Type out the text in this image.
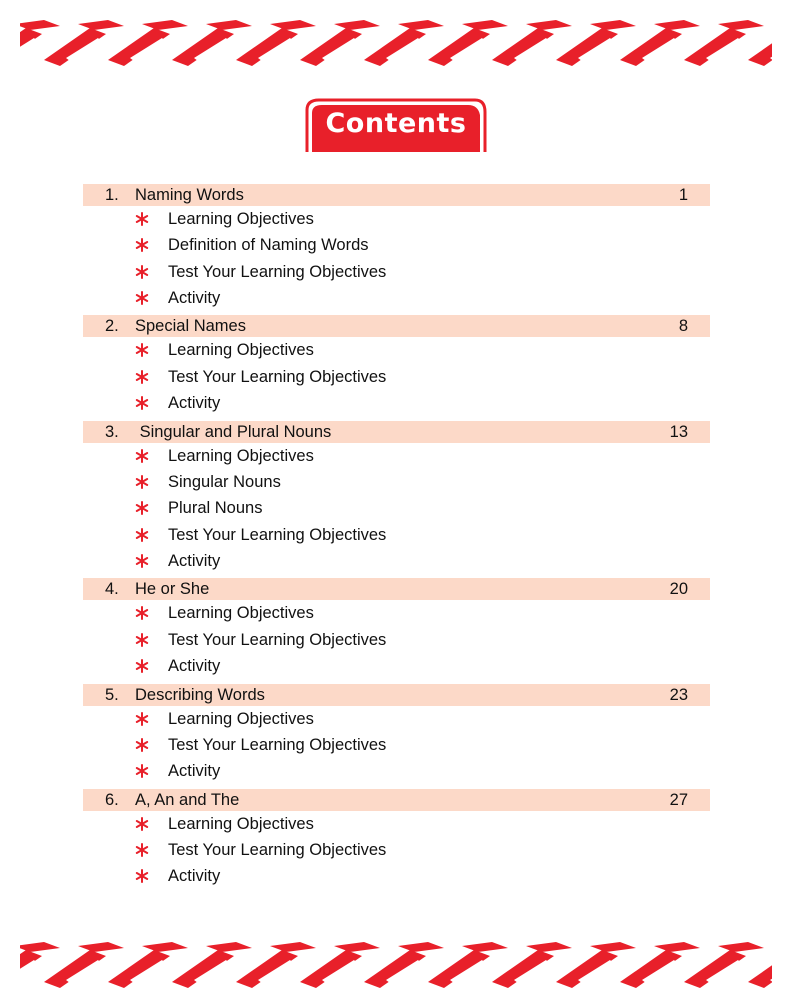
Contents
1. Naming Words	1
Learning Objectives
Definition of Naming Words
Test Your Learning Objectives
Activity
2. Special Names	8
Learning Objectives
Test Your Learning Objectives
Activity
3. Singular and Plural Nouns	13
Learning Objectives
Singular Nouns
Plural Nouns
Test Your Learning Objectives
Activity
4. He or She	20
Learning Objectives
Test Your Learning Objectives
Activity
5. Describing Words	23
Learning Objectives
Test Your Learning Objectives
Activity
6. A, An and The	27
Learning Objectives
Test Your Learning Objectives
Activity
